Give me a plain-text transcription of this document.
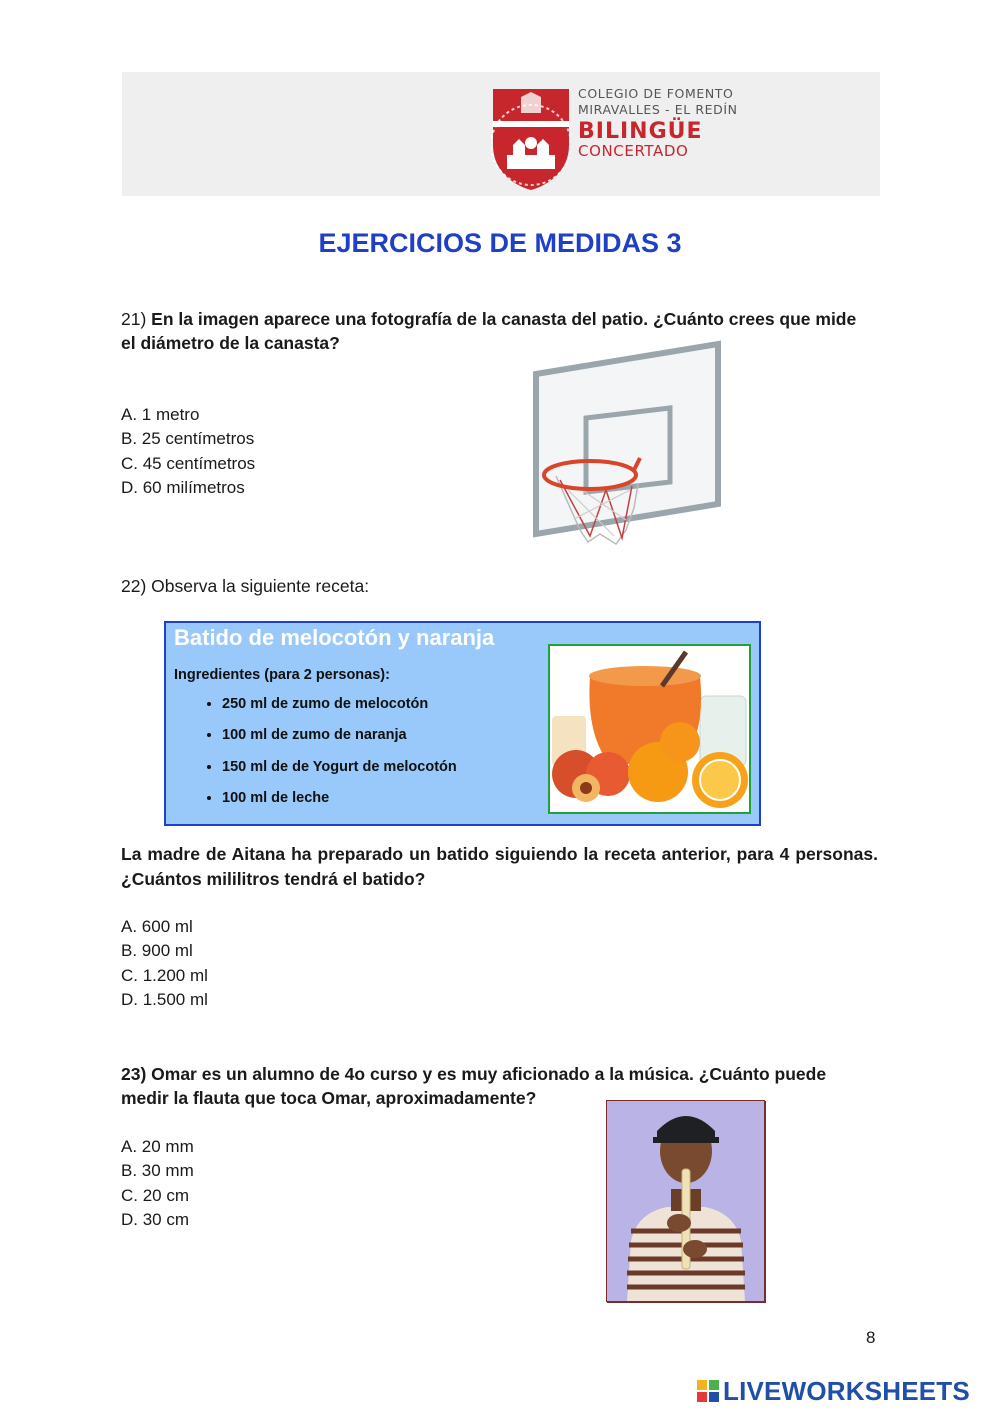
COLEGIO DE FOMENTO
MIRAVALLES - EL REDÍN
BILINGÜE
CONCERTADO
EJERCICIOS DE MEDIDAS 3
21) En la imagen aparece una fotografía de la canasta del patio. ¿Cuánto crees que mide el diámetro de la canasta?
A. 1 metro
B. 25 centímetros
C. 45 centímetros
D. 60 milímetros
22) Observa la siguiente receta:
Batido de melocotón y naranja
Ingredientes (para 2 personas):
• 250 ml de zumo de melocotón
• 100 ml de zumo de naranja
• 150 ml de de Yogurt de melocotón
• 100 ml de leche
La madre de Aitana ha preparado un batido siguiendo la receta anterior, para 4 personas. ¿Cuántos mililitros tendrá el batido?
A. 600 ml
B. 900 ml
C. 1.200 ml
D. 1.500 ml
23) Omar es un alumno de 4o curso y es muy aficionado a la música. ¿Cuánto puede medir la flauta que toca Omar, aproximadamente?
A. 20 mm
B. 30 mm
C. 20 cm
D. 30 cm
8
LIVEWORKSHEETS
